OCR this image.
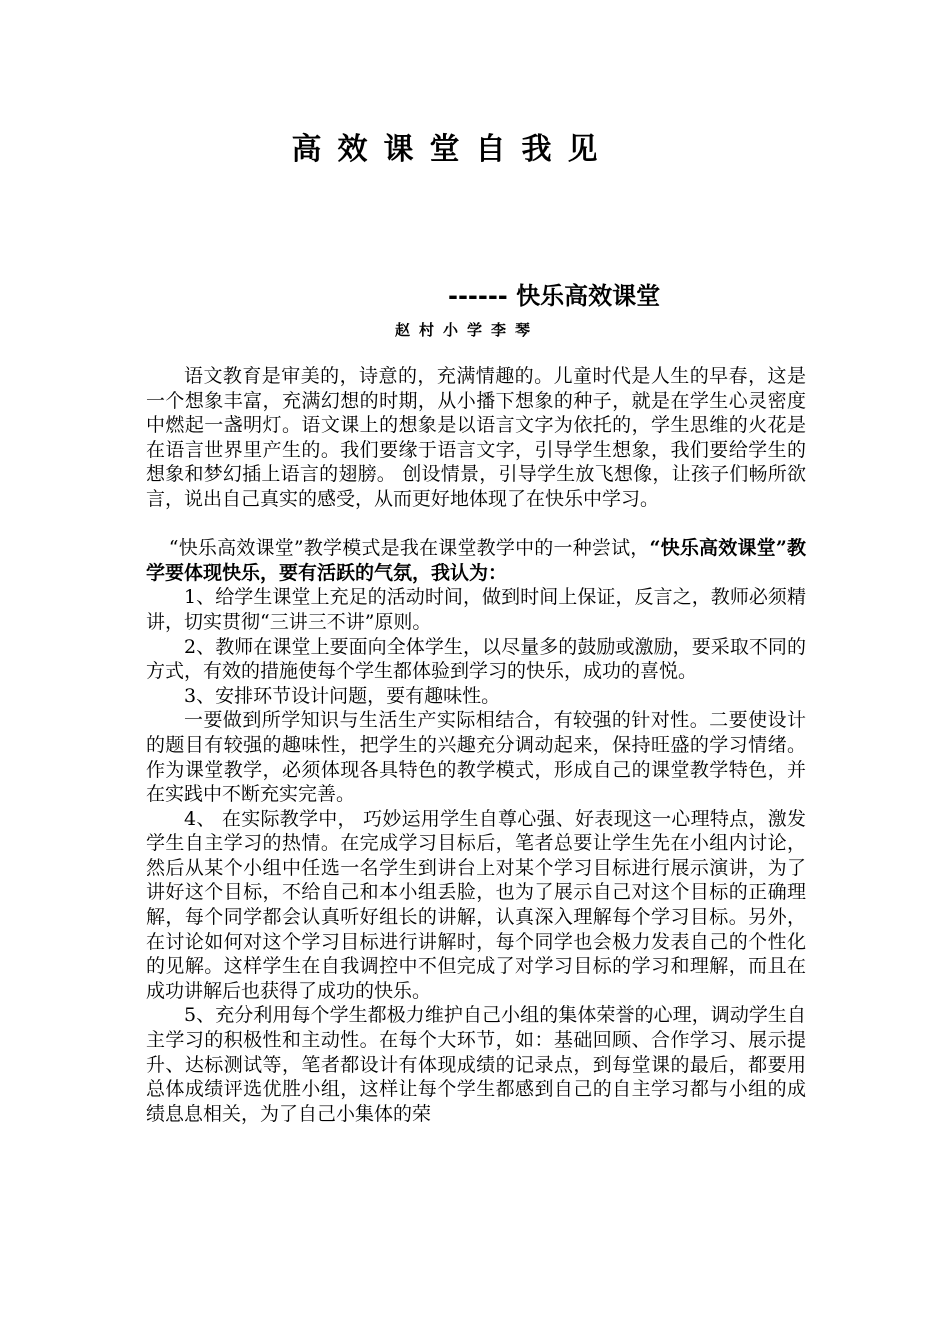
高效课堂自我见
------ 快乐高效课堂
赵村小学李琴

语文教育是审美的，诗意的，充满情趣的。儿童时代是人生的早春，这是一个想象丰富，充满幻想的时期，从小播下想象的种子，就是在学生心灵密度中燃起一盏明灯。语文课上的想象是以语言文字为依托的，学生思维的火花是在语言世界里产生的。我们要缘于语言文字，引导学生想象，我们要给学生的想象和梦幻插上语言的翅膀。 创设情景，引导学生放飞想像，让孩子们畅所欲言，说出自己真实的感受，从而更好地体现了在快乐中学习。

“快乐高效课堂”教学模式是我在课堂教学中的一种尝试，“快乐高效课堂”教学要体现快乐，要有活跃的气氛，我认为：

1、给学生课堂上充足的活动时间，做到时间上保证，反言之，教师必须精讲，切实贯彻“三讲三不讲”原则。

2、教师在课堂上要面向全体学生，以尽量多的鼓励或激励，要采取不同的方式，有效的措施使每个学生都体验到学习的快乐，成功的喜悦。

3、安排环节设计问题，要有趣味性。

一要做到所学知识与生活生产实际相结合，有较强的针对性。二要使设计的题目有较强的趣味性，把学生的兴趣充分调动起来，保持旺盛的学习情绪。作为课堂教学，必须体现各具特色的教学模式，形成自己的课堂教学特色，并在实践中不断充实完善。

4、 在实际教学中， 巧妙运用学生自尊心强、好表现这一心理特点，激发学生自主学习的热情。在完成学习目标后，笔者总要让学生先在小组内讨论，然后从某个小组中任选一名学生到讲台上对某个学习目标进行展示演讲，为了讲好这个目标，不给自己和本小组丢脸，也为了展示自己对这个目标的正确理解，每个同学都会认真听好组长的讲解，认真深入理解每个学习目标。另外，在讨论如何对这个学习目标进行讲解时，每个同学也会极力发表自己的个性化的见解。这样学生在自我调控中不但完成了对学习目标的学习和理解，而且在成功讲解后也获得了成功的快乐。

5、充分利用每个学生都极力维护自己小组的集体荣誉的心理，调动学生自主学习的积极性和主动性。在每个大环节，如：基础回顾、合作学习、展示提升、达标测试等，笔者都设计有体现成绩的记录点，到每堂课的最后，都要用总体成绩评选优胜小组，这样让每个学生都感到自己的自主学习都与小组的成绩息息相关，为了自己小集体的荣
